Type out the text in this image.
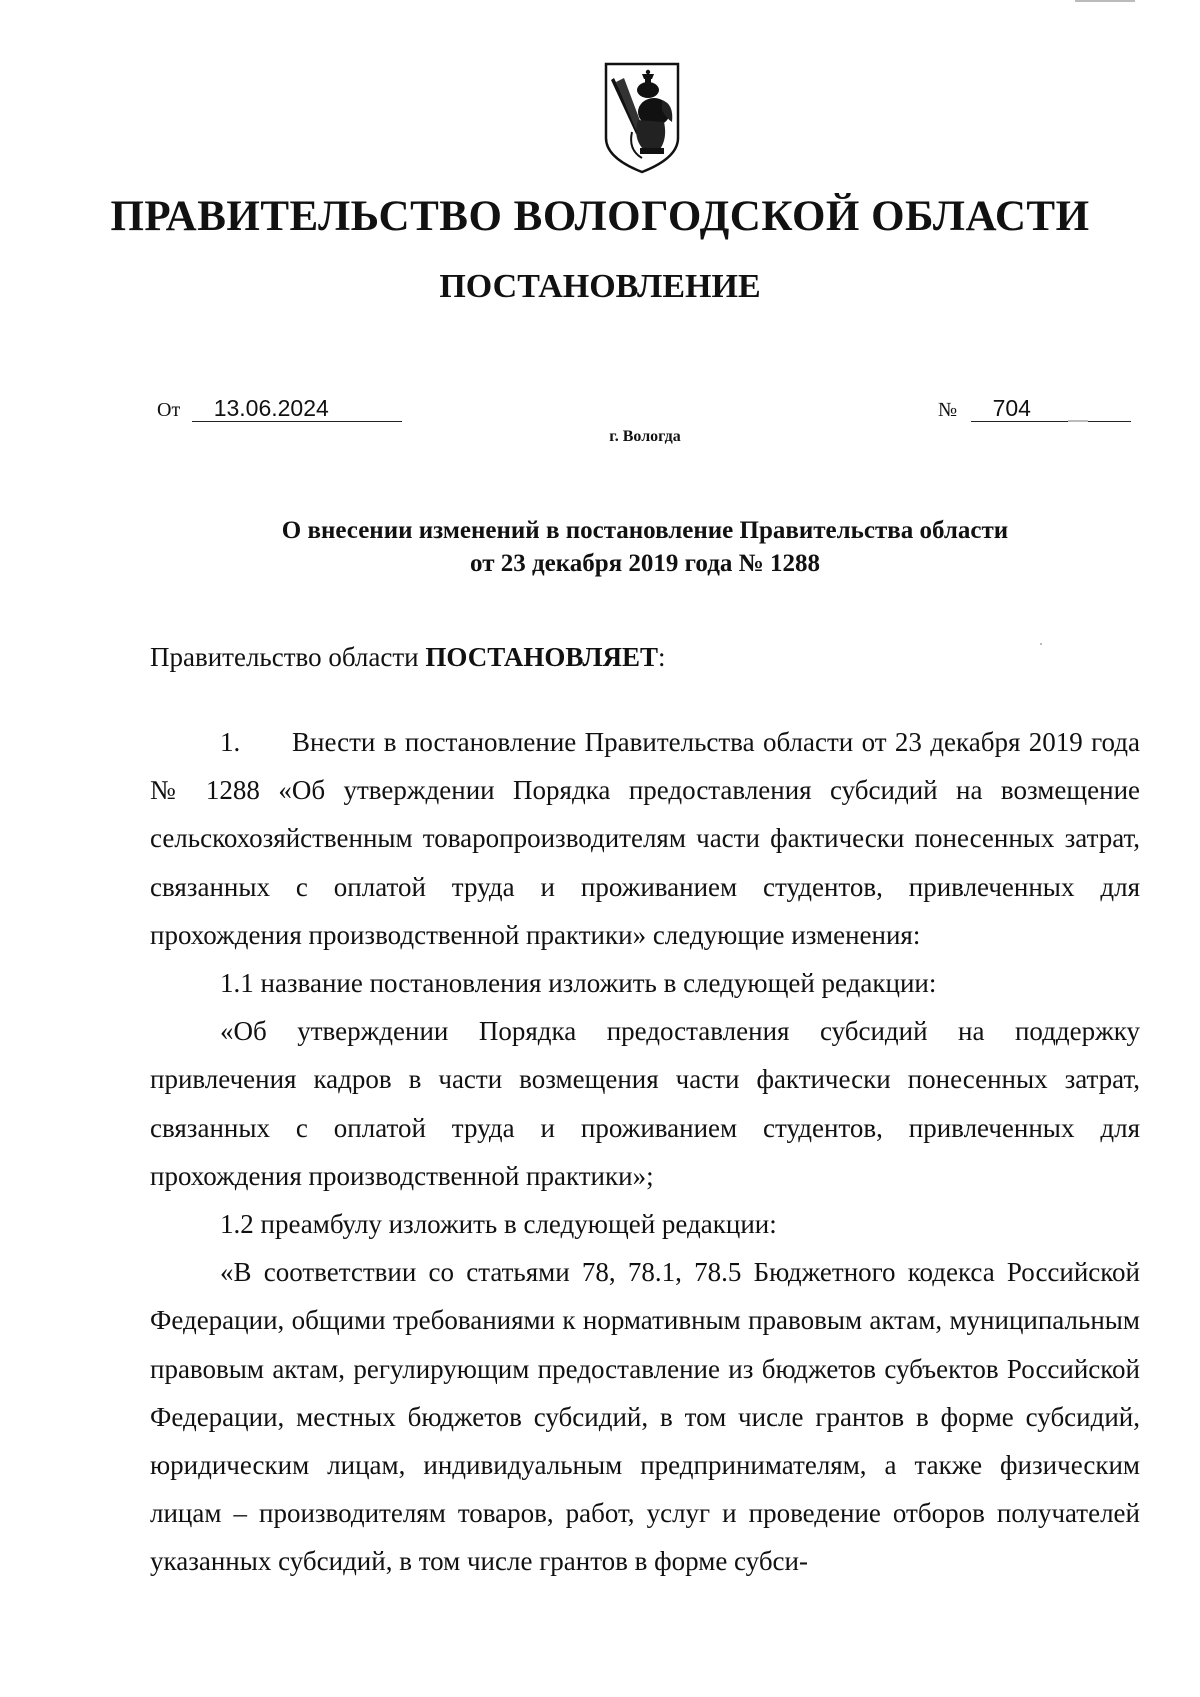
ПРАВИТЕЛЬСТВО ВОЛОГОДСКОЙ ОБЛАСТИ
ПОСТАНОВЛЕНИЕ
От 13.06.2024	№ 704
г. Вологда
О внесении изменений в постановление Правительства области
от 23 декабря 2019 года № 1288
Правительство области ПОСТАНОВЛЯЕТ:

1. Внести в постановление Правительства области от 23 декабря 2019 года № 1288 «Об утверждении Порядка предоставления субсидий на возмещение сельскохозяйственным товаропроизводителям части фактически понесенных затрат, связанных с оплатой труда и проживанием студентов, привлеченных для прохождения производственной практики» следующие изменения:

1.1 название постановления изложить в следующей редакции:

«Об утверждении Порядка предоставления субсидий на поддержку привлечения кадров в части возмещения части фактически понесенных затрат, связанных с оплатой труда и проживанием студентов, привлеченных для прохождения производственной практики»;

1.2 преамбулу изложить в следующей редакции:

«В соответствии со статьями 78, 78.1, 78.5 Бюджетного кодекса Российской Федерации, общими требованиями к нормативным правовым актам, муниципальным правовым актам, регулирующим предоставление из бюджетов субъектов Российской Федерации, местных бюджетов субсидий, в том числе грантов в форме субсидий, юридическим лицам, индивидуальным предпринимателям, а также физическим лицам – производителям товаров, работ, услуг и проведение отборов получателей указанных субсидий, в том числе грантов в форме субси-
